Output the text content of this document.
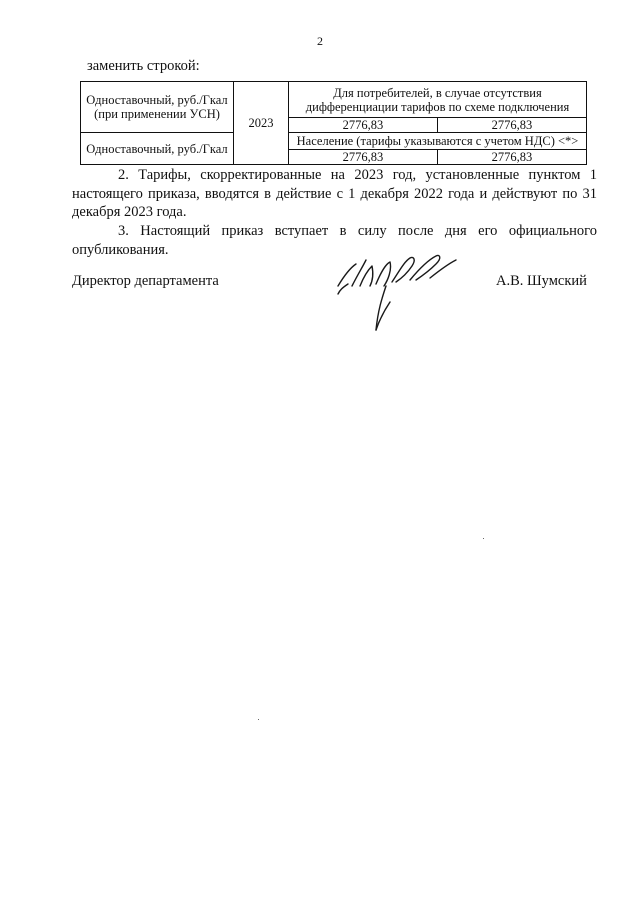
2
заменить строкой:
Одноставочный, руб./Гкал (при применении УСН)	2023	Для потребителей, в случае отсутствия дифференциации тарифов по схеме подключения	
		2776,83	2776,83
Одноставочный, руб./Гкал		Население (тарифы указываются с учетом НДС) <*>	
		2776,83	2776,83
2. Тарифы, скорректированные на 2023 год, установленные пунктом 1 настоящего приказа, вводятся в действие с 1 декабря 2022 года и действуют по 31 декабря 2023 года.
3. Настоящий приказ вступает в силу после дня его официального опубликования.
Директор департамента	А.В. Шумский
